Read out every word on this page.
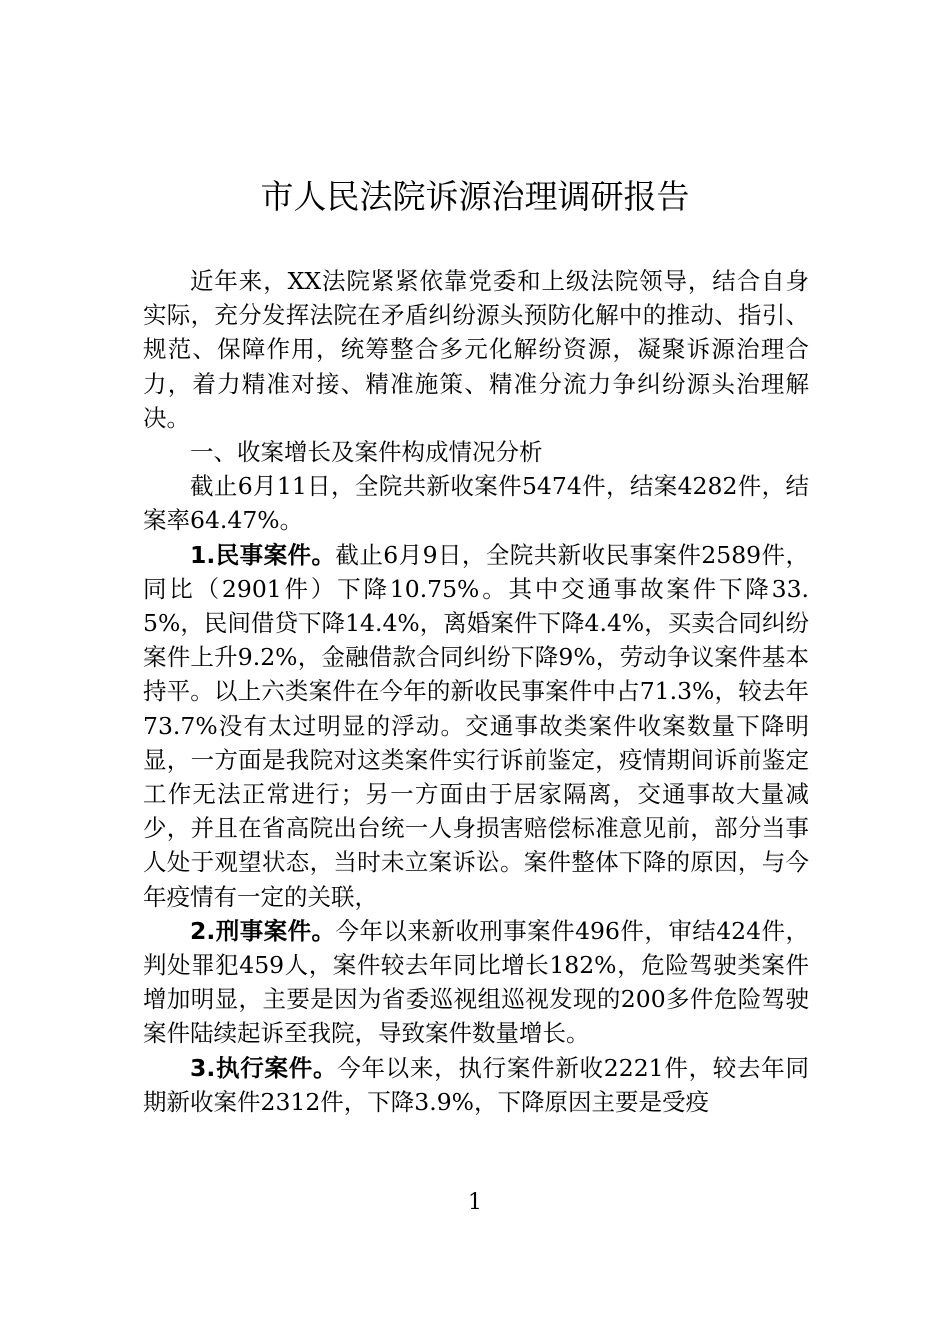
市人民法院诉源治理调研报告

近年来，XX法院紧紧依靠党委和上级法院领导，结合自身实际，充分发挥法院在矛盾纠纷源头预防化解中的推动、指引、规范、保障作用，统筹整合多元化解纷资源，凝聚诉源治理合力，着力精准对接、精准施策、精准分流力争纠纷源头治理解决。

一、收案增长及案件构成情况分析

截止6月11日，全院共新收案件5474件，结案4282件，结案率64.47%。

1.民事案件。截止6月9日，全院共新收民事案件2589件，同比（2901件）下降10.75%。其中交通事故案件下降33.5%，民间借贷下降14.4%，离婚案件下降4.4%，买卖合同纠纷案件上升9.2%，金融借款合同纠纷下降9%，劳动争议案件基本持平。以上六类案件在今年的新收民事案件中占71.3%，较去年73.7%没有太过明显的浮动。交通事故类案件收案数量下降明显，一方面是我院对这类案件实行诉前鉴定，疫情期间诉前鉴定工作无法正常进行；另一方面由于居家隔离，交通事故大量减少，并且在省高院出台统一人身损害赔偿标准意见前，部分当事人处于观望状态，当时未立案诉讼。案件整体下降的原因，与今年疫情有一定的关联，

2.刑事案件。今年以来新收刑事案件496件，审结424件，判处罪犯459人，案件较去年同比增长182%，危险驾驶类案件增加明显，主要是因为省委巡视组巡视发现的200多件危险驾驶案件陆续起诉至我院，导致案件数量增长。

3.执行案件。今年以来，执行案件新收2221件，较去年同期新收案件2312件，下降3.9%，下降原因主要是受疫

1
